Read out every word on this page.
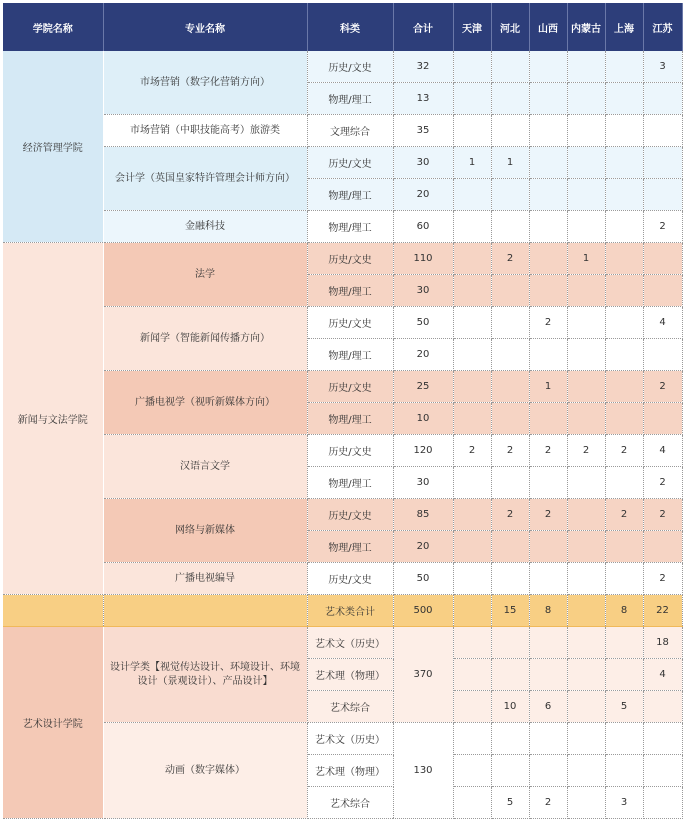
学院名称	专业名称	科类	合计	天津	河北	山西	内蒙古	上海	江苏
经济管理学院	市场营销（数字化营销方向）	历史/文史	32						3
		物理/理工	13						
	市场营销（中职技能高考）旅游类	文理综合	35						
	会计学（英国皇家特许管理会计师方向）	历史/文史	30	1	1				
		物理/理工	20						
	金融科技	物理/理工	60						2
新闻与文法学院	法学	历史/文史	110		2		1		
		物理/理工	30						
	新闻学（智能新闻传播方向）	历史/文史	50			2			4
		物理/理工	20						
	广播电视学（视听新媒体方向）	历史/文史	25			1			2
		物理/理工	10						
	汉语言文学	历史/文史	120	2	2	2	2	2	4
		物理/理工	30						2
	网络与新媒体	历史/文史	85		2	2		2	2
		物理/理工	20						
	广播电视编导	历史/文史	50						2
		艺术类合计	500		15	8		8	22
艺术设计学院	设计学类【视觉传达设计、环境设计、环境设计（景观设计）、产品设计】	艺术文（历史）	370						18
		艺术理（物理）							4
		艺术综合			10	6		5	
	动画（数字媒体）	艺术文（历史）	130						
		艺术理（物理）							
		艺术综合			5	2		3	
